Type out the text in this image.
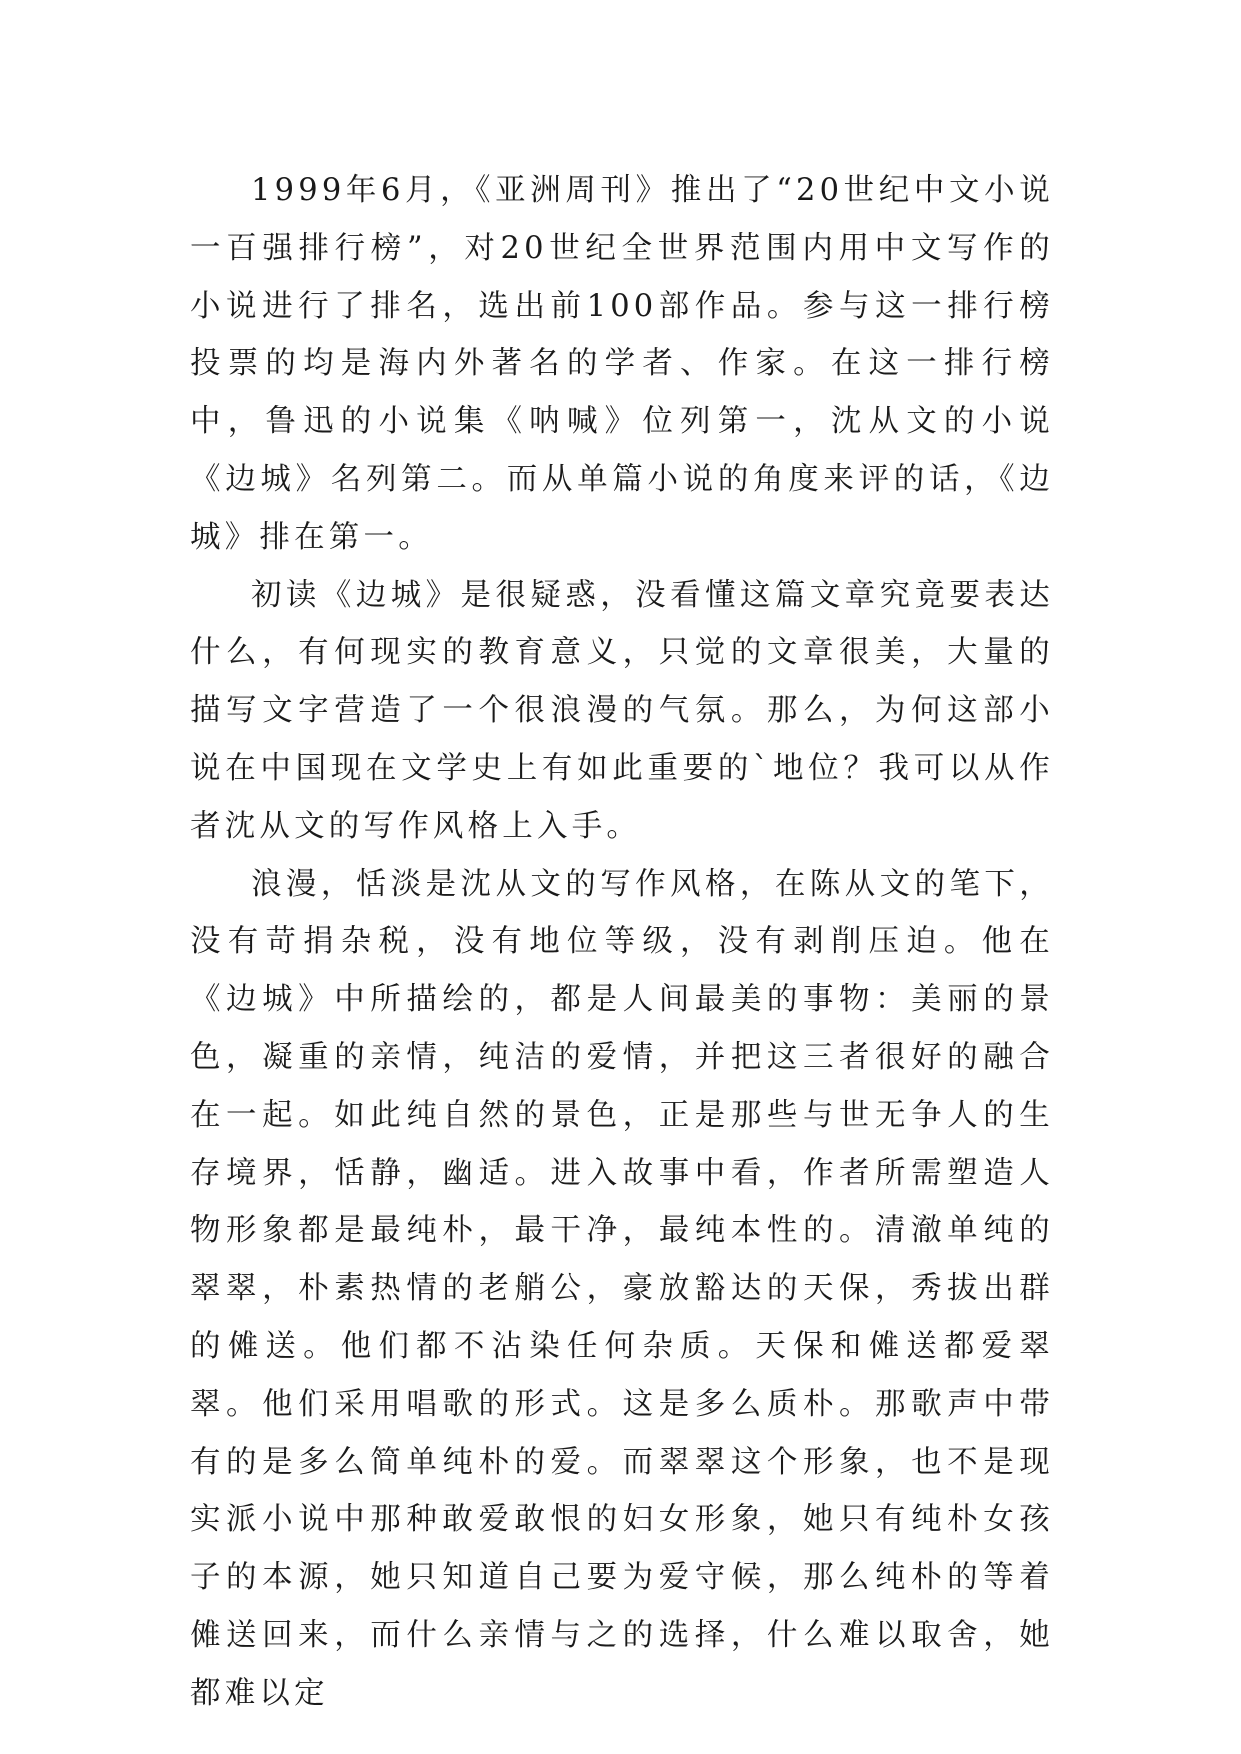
1999年6月，《亚洲周刊》推出了“20世纪中文小说一百强排行榜”，对20世纪全世界范围内用中文写作的小说进行了排名，选出前100部作品。参与这一排行榜投票的均是海内外著名的学者、作家。在这一排行榜中，鲁迅的小说集《呐喊》位列第一，沈从文的小说《边城》名列第二。而从单篇小说的角度来评的话，《边城》排在第一。

初读《边城》是很疑惑，没看懂这篇文章究竟要表达什么，有何现实的教育意义，只觉的文章很美，大量的描写文字营造了一个很浪漫的气氛。那么，为何这部小说在中国现在文学史上有如此重要的`地位？我可以从作者沈从文的写作风格上入手。

浪漫，恬淡是沈从文的写作风格，在陈从文的笔下，没有苛捐杂税，没有地位等级，没有剥削压迫。他在《边城》中所描绘的，都是人间最美的事物：美丽的景色，凝重的亲情，纯洁的爱情，并把这三者很好的融合在一起。如此纯自然的景色，正是那些与世无争人的生存境界，恬静，幽适。进入故事中看，作者所需塑造人物形象都是最纯朴，最干净，最纯本性的。清澈单纯的翠翠，朴素热情的老艄公，豪放豁达的天保，秀拔出群的傩送。他们都不沾染任何杂质。天保和傩送都爱翠翠。他们采用唱歌的形式。这是多么质朴。那歌声中带有的是多么简单纯朴的爱。而翠翠这个形象，也不是现实派小说中那种敢爱敢恨的妇女形象，她只有纯朴女孩子的本源，她只知道自己要为爱守候，那么纯朴的等着傩送回来，而什么亲情与之的选择，什么难以取舍，她都难以定
